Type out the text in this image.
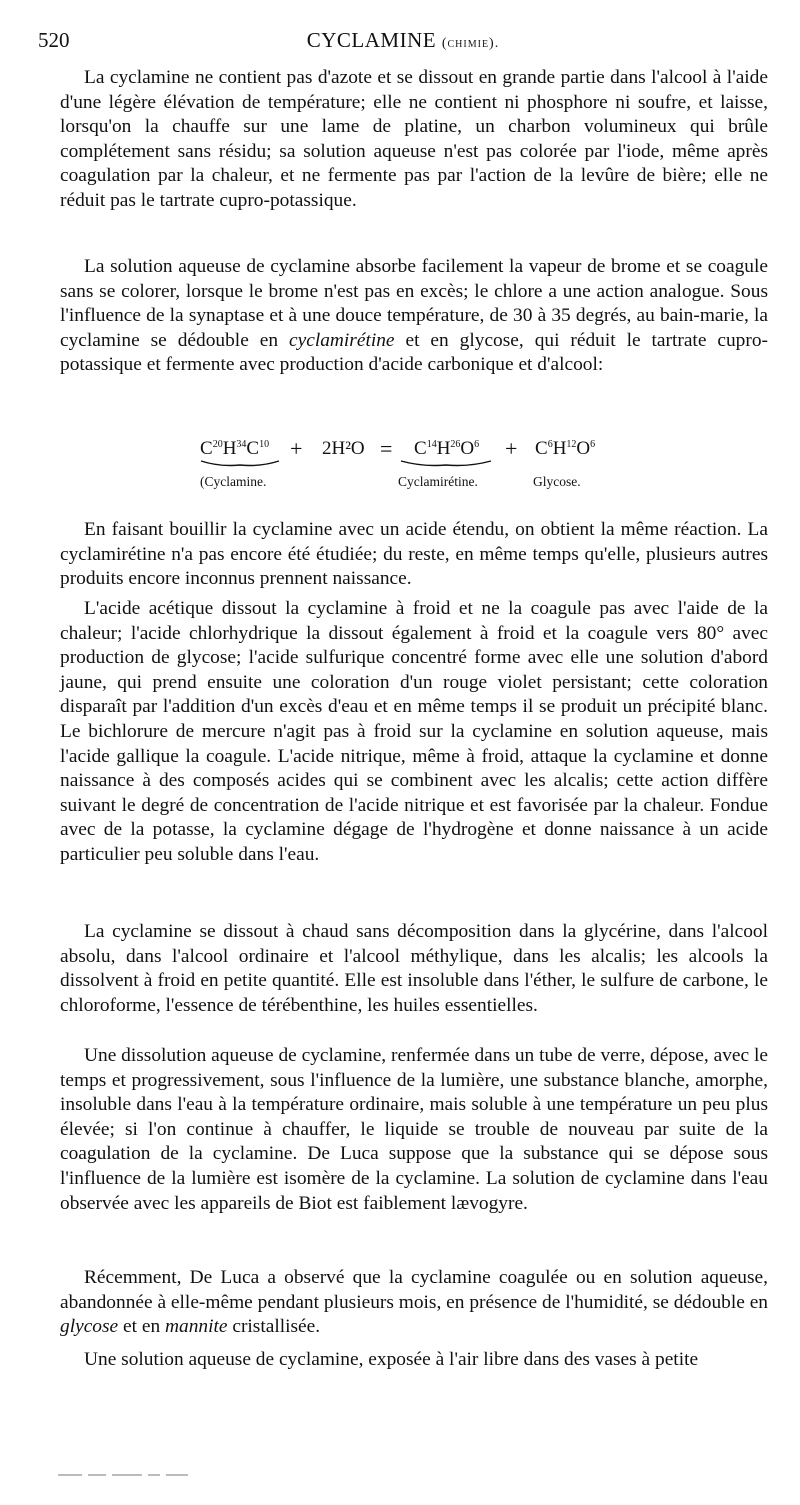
520	CYCLAMINE (chimie).

La cyclamine ne contient pas d'azote et se dissout en grande partie dans l'alcool à l'aide d'une légère élévation de température; elle ne contient ni phosphore ni soufre, et laisse, lorsqu'on la chauffe sur une lame de platine, un charbon volumineux qui brûle complétement sans résidu; sa solution aqueuse n'est pas colorée par l'iode, même après coagulation par la chaleur, et ne fermente pas par l'action de la levûre de bière; elle ne réduit pas le tartrate cupro-potassique.

La solution aqueuse de cyclamine absorbe facilement la vapeur de brome et se coagule sans se colorer, lorsque le brome n'est pas en excès; le chlore a une action analogue. Sous l'influence de la synaptase et à une douce température, de 30 à 35 degrés, au bain-marie, la cyclamine se dédouble en cyclamirétine et en glycose, qui réduit le tartrate cupro-potassique et fermente avec production d'acide carbonique et d'alcool:

$C^{20}H^{34}C^{10} + 2H^2O = C^{14}H^{26}O^6 + C^6H^{12}O^6$
(Cyclamine.	Cyclamirétine.	Glycose.

En faisant bouillir la cyclamine avec un acide étendu, on obtient la même réaction. La cyclamirétine n'a pas encore été étudiée; du reste, en même temps qu'elle, plusieurs autres produits encore inconnus prennent naissance.

L'acide acétique dissout la cyclamine à froid et ne la coagule pas avec l'aide de la chaleur; l'acide chlorhydrique la dissout également à froid et la coagule vers 80° avec production de glycose; l'acide sulfurique concentré forme avec elle une solution d'abord jaune, qui prend ensuite une coloration d'un rouge violet persistant; cette coloration disparaît par l'addition d'un excès d'eau et en même temps il se produit un précipité blanc. Le bichlorure de mercure n'agit pas à froid sur la cyclamine en solution aqueuse, mais l'acide gallique la coagule. L'acide nitrique, même à froid, attaque la cyclamine et donne naissance à des composés acides qui se combinent avec les alcalis; cette action diffère suivant le degré de concentration de l'acide nitrique et est favorisée par la chaleur. Fondue avec de la potasse, la cyclamine dégage de l'hydrogène et donne naissance à un acide particulier peu soluble dans l'eau.

La cyclamine se dissout à chaud sans décomposition dans la glycérine, dans l'alcool absolu, dans l'alcool ordinaire et l'alcool méthylique, dans les alcalis; les alcools la dissolvent à froid en petite quantité. Elle est insoluble dans l'éther, le sulfure de carbone, le chloroforme, l'essence de térébenthine, les huiles essentielles.

Une dissolution aqueuse de cyclamine, renfermée dans un tube de verre, dépose, avec le temps et progressivement, sous l'influence de la lumière, une substance blanche, amorphe, insoluble dans l'eau à la température ordinaire, mais soluble à une température un peu plus élevée; si l'on continue à chauffer, le liquide se trouble de nouveau par suite de la coagulation de la cyclamine. De Luca suppose que la substance qui se dépose sous l'influence de la lumière est isomère de la cyclamine. La solution de cyclamine dans l'eau observée avec les appareils de Biot est faiblement lævogyre.

Récemment, De Luca a observé que la cyclamine coagulée ou en solution aqueuse, abandonnée à elle-même pendant plusieurs mois, en présence de l'humidité, se dédouble en glycose et en mannite cristallisée.

Une solution aqueuse de cyclamine, exposée à l'air libre dans des vases à petite
